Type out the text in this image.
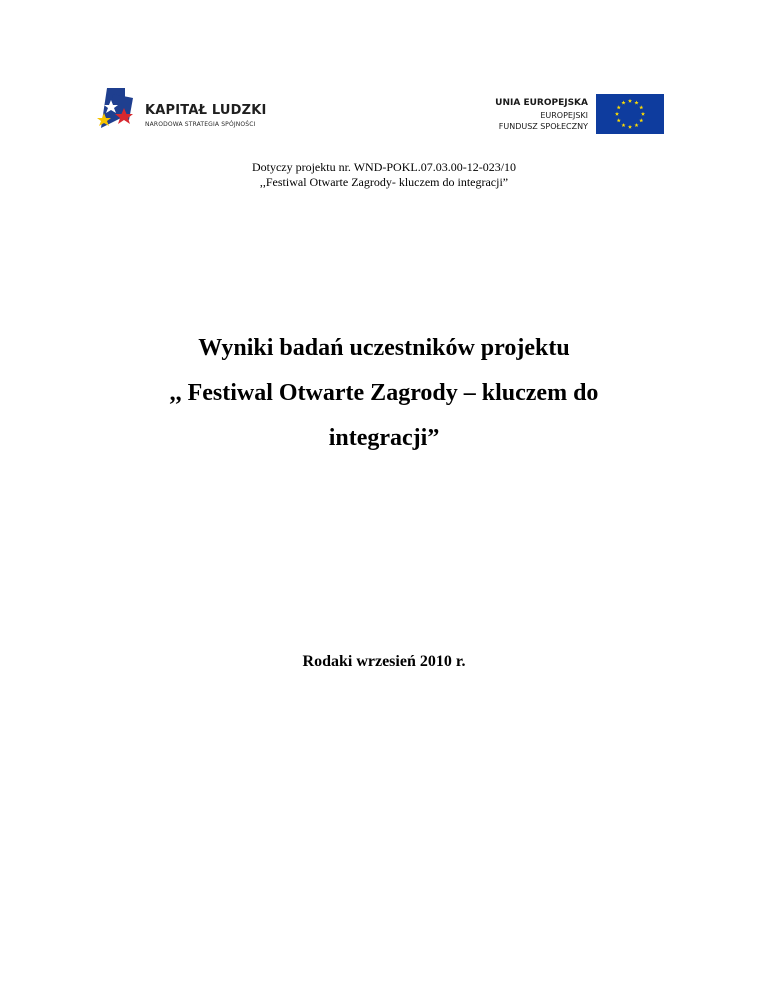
KAPITAŁ LUDZKI
NARODOWA STRATEGIA SPÓJNOŚCI
UNIA EUROPEJSKA
EUROPEJSKI
FUNDUSZ SPOŁECZNY
Dotyczy projektu nr. WND-POKL.07.03.00-12-023/10
,,Festiwal Otwarte Zagrody- kluczem do integracji”
Wyniki badań uczestników projektu
,, Festiwal Otwarte Zagrody – kluczem do
integracji”
Rodaki wrzesień 2010 r.
